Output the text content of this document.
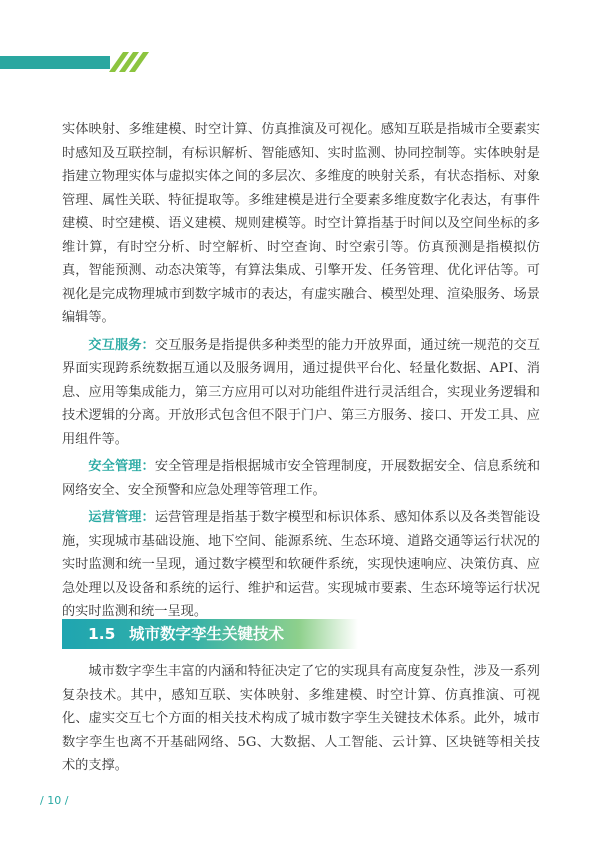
实体映射、多维建模、时空计算、仿真推演及可视化。感知互联是指城市全要素实时感知及互联控制，有标识解析、智能感知、实时监测、协同控制等。实体映射是指建立物理实体与虚拟实体之间的多层次、多维度的映射关系，有状态指标、对象管理、属性关联、特征提取等。多维建模是进行全要素多维度数字化表达，有事件建模、时空建模、语义建模、规则建模等。时空计算指基于时间以及空间坐标的多维计算，有时空分析、时空解析、时空查询、时空索引等。仿真预测是指模拟仿真，智能预测、动态决策等，有算法集成、引擎开发、任务管理、优化评估等。可视化是完成物理城市到数字城市的表达，有虚实融合、模型处理、渲染服务、场景编辑等。

交互服务：交互服务是指提供多种类型的能力开放界面，通过统一规范的交互界面实现跨系统数据互通以及服务调用，通过提供平台化、轻量化数据、API、消息、应用等集成能力，第三方应用可以对功能组件进行灵活组合，实现业务逻辑和技术逻辑的分离。开放形式包含但不限于门户、第三方服务、接口、开发工具、应用组件等。

安全管理：安全管理是指根据城市安全管理制度，开展数据安全、信息系统和网络安全、安全预警和应急处理等管理工作。

运营管理：运营管理是指基于数字模型和标识体系、感知体系以及各类智能设施，实现城市基础设施、地下空间、能源系统、生态环境、道路交通等运行状况的实时监测和统一呈现，通过数字模型和软硬件系统，实现快速响应、决策仿真、应急处理以及设备和系统的运行、维护和运营。实现城市要素、生态环境等运行状况的实时监测和统一呈现。

1.5 城市数字孪生关键技术

城市数字孪生丰富的内涵和特征决定了它的实现具有高度复杂性，涉及一系列复杂技术。其中，感知互联、实体映射、多维建模、时空计算、仿真推演、可视化、虚实交互七个方面的相关技术构成了城市数字孪生关键技术体系。此外，城市数字孪生也离不开基础网络、5G、大数据、人工智能、云计算、区块链等相关技术的支撑。

/ 10 /
